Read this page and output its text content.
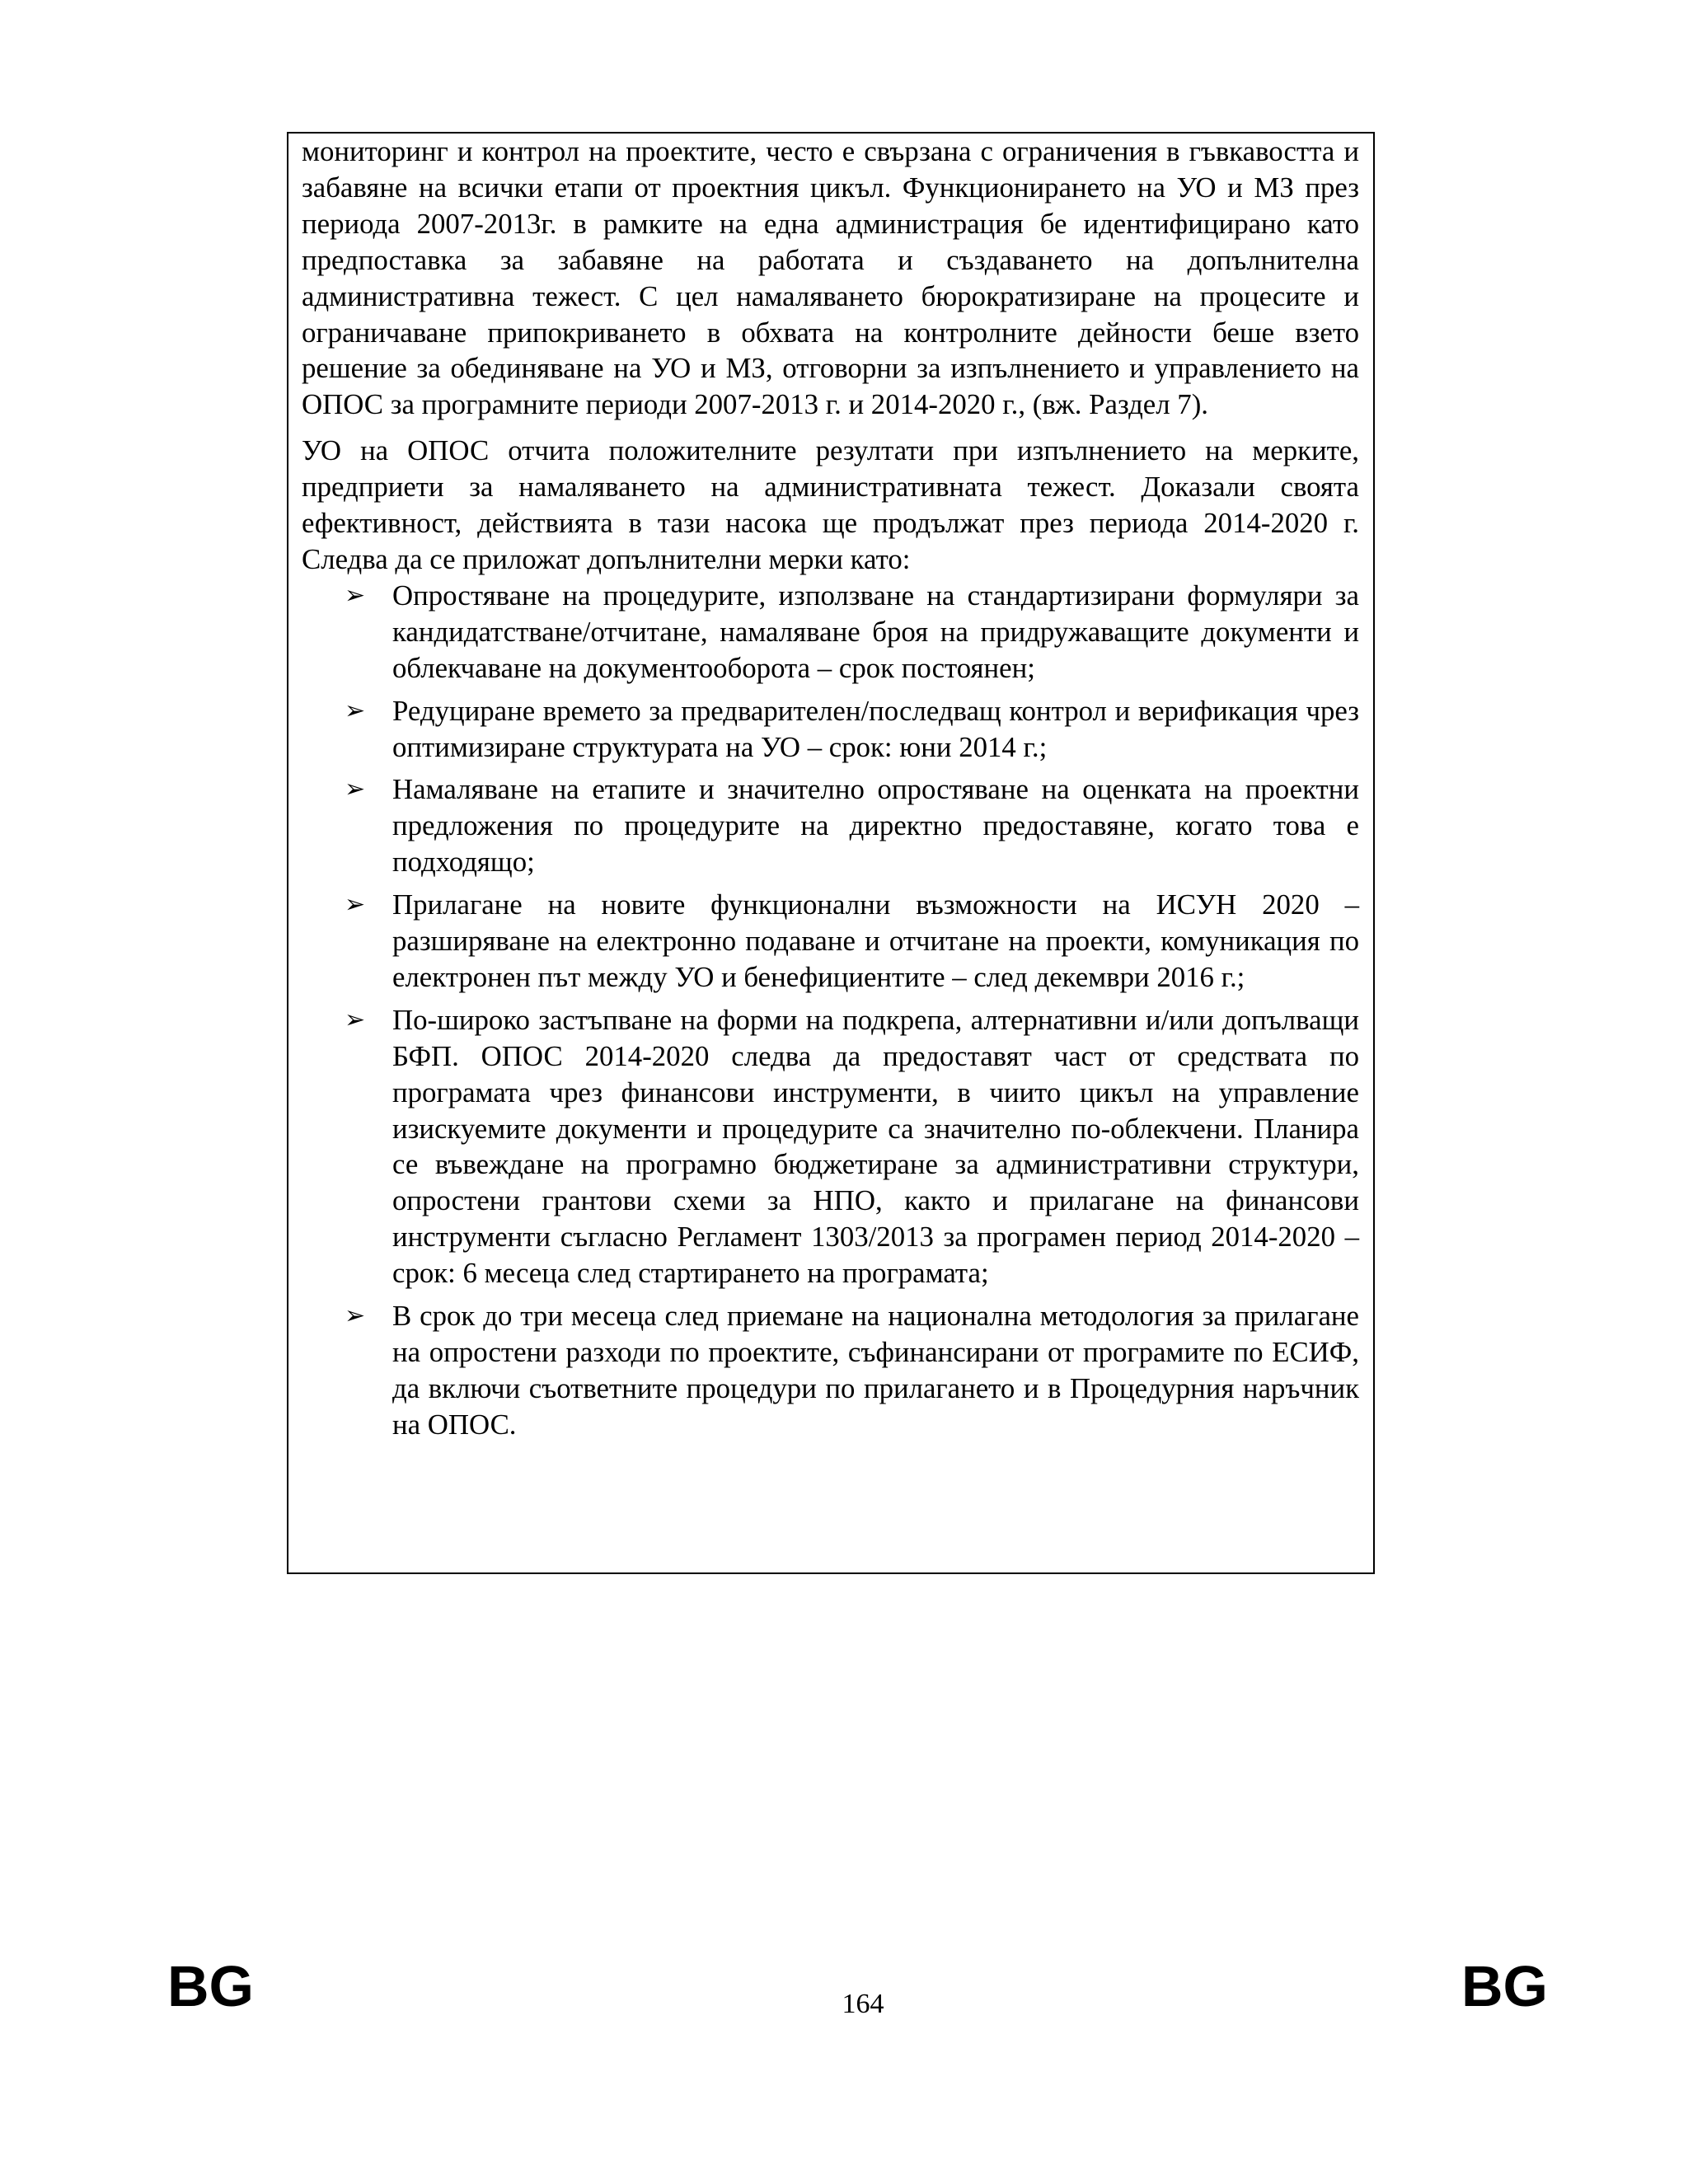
мониторинг и контрол на проектите, често е свързана с ограничения в гъвкавостта и забавяне на всички етапи от проектния цикъл. Функционирането на УО и МЗ през периода 2007-2013г. в рамките на една администрация бе идентифицирано като предпоставка за забавяне на работата и създаването на допълнителна административна тежест. С цел намаляването бюрократизиране на процесите и ограничаване припокриването в обхвата на контролните дейности беше взето решение за обединяване на УО и МЗ, отговорни за изпълнението и управлението на ОПОС за програмните периоди 2007-2013 г. и 2014-2020 г., (вж. Раздел 7).

УО на ОПОС отчита положителните резултати при изпълнението на мерките, предприети за намаляването на административната тежест. Доказали своята ефективност, действията в тази насока ще продължат през периода 2014-2020 г. Следва да се приложат допълнителни мерки като:

➢ Опростяване на процедурите, използване на стандартизирани формуляри за кандидатстване/отчитане, намаляване броя на придружаващите документи и облекчаване на документооборота – срок постоянен;
➢ Редуциране времето за предварителен/последващ контрол и верификация чрез оптимизиране структурата на УО – срок: юни 2014 г.;
➢ Намаляване на етапите и значително опростяване на оценката на проектни предложения по процедурите на директно предоставяне, когато това е подходящо;
➢ Прилагане на новите функционални възможности на ИСУН 2020 – разширяване на електронно подаване и отчитане на проекти, комуникация по електронен път между УО и бенефициентите – след декември 2016 г.;
➢ По-широко застъпване на форми на подкрепа, алтернативни и/или допълващи БФП. ОПОС 2014-2020 следва да предоставят част от средствата по програмата чрез финансови инструменти, в чиито цикъл на управление изискуемите документи и процедурите са значително по-облекчени. Планира се въвеждане на програмно бюджетиране за административни структури, опростени грантови схеми за НПО, както и прилагане на финансови инструменти съгласно Регламент 1303/2013 за програмен период 2014-2020 – срок: 6 месеца след стартирането на програмата;
➢ В срок до три месеца след приемане на национална методология за прилагане на опростени разходи по проектите, съфинансирани от програмите по ЕСИФ, да включи съответните процедури по прилагането и в Процедурния наръчник на ОПОС.
BG	164	BG
